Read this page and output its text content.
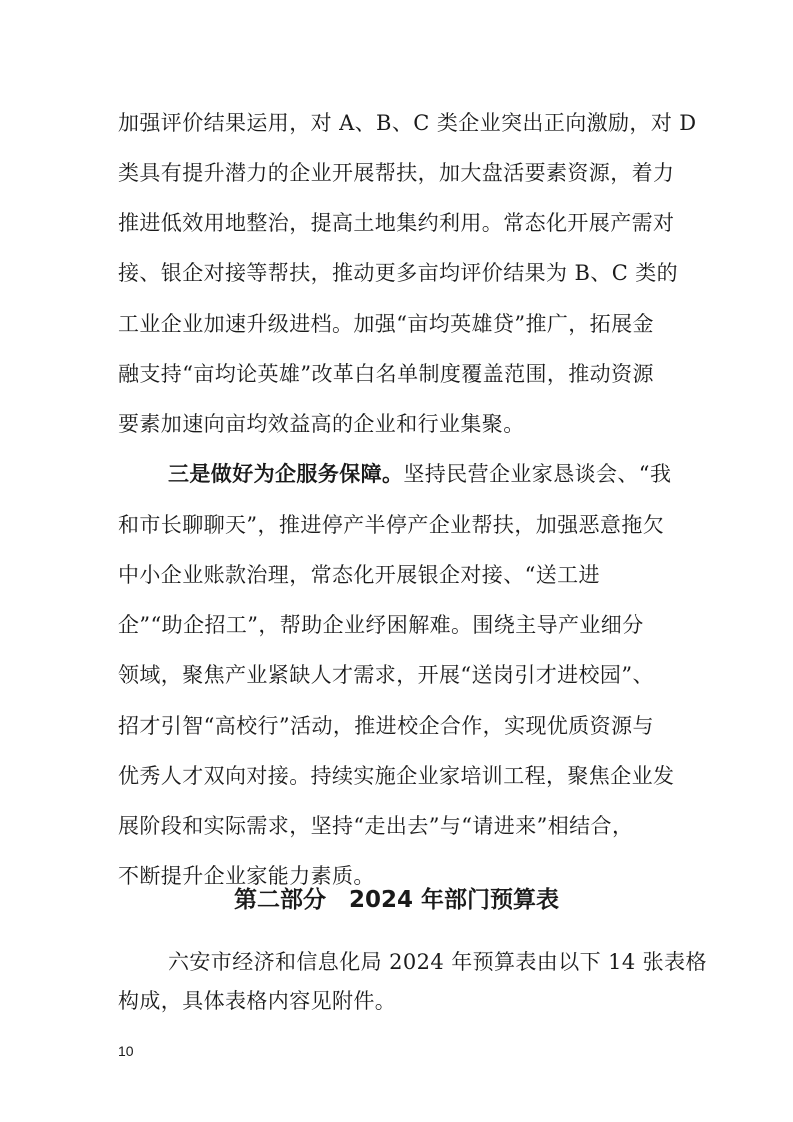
加强评价结果运用，对 A、B、C 类企业突出正向激励，对 D
类具有提升潜力的企业开展帮扶，加大盘活要素资源，着力
推进低效用地整治，提高土地集约利用。常态化开展产需对
接、银企对接等帮扶，推动更多亩均评价结果为 B、C 类的
工业企业加速升级进档。加强“亩均英雄贷”推广，拓展金
融支持“亩均论英雄”改革白名单制度覆盖范围，推动资源
要素加速向亩均效益高的企业和行业集聚。
三是做好为企服务保障。坚持民营企业家恳谈会、“我
和市长聊聊天”，推进停产半停产企业帮扶，加强恶意拖欠
中小企业账款治理，常态化开展银企对接、“送工进
企”“助企招工”，帮助企业纾困解难。围绕主导产业细分
领域，聚焦产业紧缺人才需求，开展“送岗引才进校园”、
招才引智“高校行”活动，推进校企合作，实现优质资源与
优秀人才双向对接。持续实施企业家培训工程，聚焦企业发
展阶段和实际需求，坚持“走出去”与“请进来”相结合，
不断提升企业家能力素质。
第二部分　2024 年部门预算表
六安市经济和信息化局 2024 年预算表由以下 14 张表格
构成，具体表格内容见附件。
10
